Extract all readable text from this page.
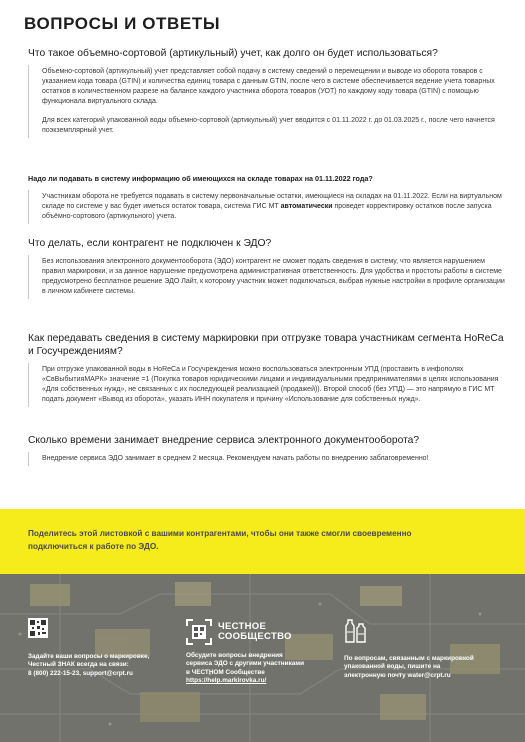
ВОПРОСЫ И ОТВЕТЫ
Что такое объемно-сортовой (артикульный) учет, как долго он будет использоваться?

Объемно-сортовой (артикульный) учет представляет собой подачу в систему сведений о перемещении и выводе из оборота товаров с указанием кода товара (GTIN) и количества единиц товара с данным GTIN, после чего в системе обеспечивается ведение учета товарных остатков в количественном разрезе на балансе каждого участника оборота товаров (УОТ) по каждому коду товара (GTIN) с помощью функционала виртуального склада.

Для всех категорий упакованной воды объемно-сортовой (артикульный) учет вводится с 01.11.2022 г. до 01.03.2025 г., после чего начнется поэкземплярный учет.

Надо ли подавать в систему информацию об имеющихся на складе товарах на 01.11.2022 года?

Участникам оборота не требуется подавать в систему первоначальные остатки, имеющиеся на складах на 01.11.2022. Если на виртуальном складе по системе у вас будет иметься остаток товара, система ГИС МТ автоматически проведет корректировку остатков после запуска объёмно-сортового (артикульного) учета.

Что делать, если контрагент не подключен к ЭДО?

Без использования электронного документооборота (ЭДО) контрагент не сможет подать сведения в систему, что является нарушением правил маркировки, и за данное нарушение предусмотрена административная ответственность. Для удобства и простоты работы в системе предусмотрено бесплатное решение ЭДО Лайт, к которому участник может подключаться, выбрав нужные настройки в профиле организации в личном кабинете системы.

Как передавать сведения в систему маркировки при отгрузке товара участникам сегмента HoReCa и Госучреждениям?

При отгрузке упакованной воды в HoReCa и Госучреждения можно воспользоваться электронным УПД (проставить в инфополях «СвВыбытияМАРК» значение =1 (Покупка товаров юридическими лицами и индивидуальными предпринимателями в целях использования «Для собственных нужд», не связанных с их последующей реализацией (продажей)). Второй способ (без УПД) — это напрямую в ГИС МТ подать документ «Вывод из оборота», указать ИНН покупателя и причину «Использование для собственных нужд».

Сколько времени занимает внедрение сервиса электронного документооборота?

Внедрение сервиса ЭДО занимает в среднем 2 месяца. Рекомендуем начать работы по внедрению заблаговременно!

Поделитесь этой листовкой с вашими контрагентами, чтобы они также смогли своевременно подключиться к работе по ЭДО.
Задайте ваши вопросы о маркировке,
Честный ЗНАК всегда на связи:
8 (800) 222-15-23, support@crpt.ru
ЧЕСТНОЕ
СООБЩЕСТВО
Обсудите вопросы внедрения
сервиса ЭДО с другими участниками
в ЧЕСТНОМ Сообществе
https://help.markirovka.ru/
По вопросам, связанным с маркировкой
упакованной воды, пишите на
электронную почту water@crpt.ru
